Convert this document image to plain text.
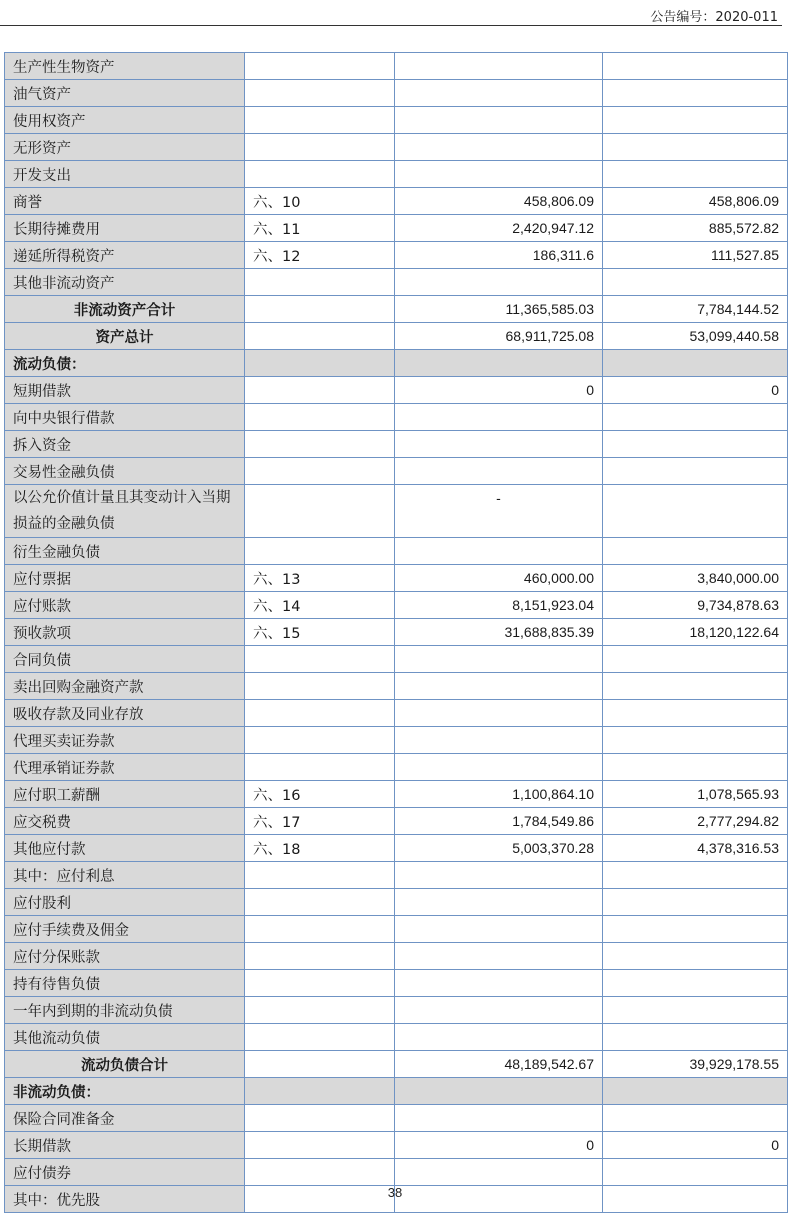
公告编号：2020-011
生产性生物资产			
油气资产			
使用权资产			
无形资产			
开发支出			
商誉	六、10	458,806.09	458,806.09
长期待摊费用	六、11	2,420,947.12	885,572.82
递延所得税资产	六、12	186,311.6	111,527.85
其他非流动资产			
非流动资产合计		11,365,585.03	7,784,144.52
资产总计		68,911,725.08	53,099,440.58
流动负债：			
短期借款		0	0
向中央银行借款			
拆入资金			
交易性金融负债			
以公允价值计量且其变动计入当期损益的金融负债		-	
衍生金融负债			
应付票据	六、13	460,000.00	3,840,000.00
应付账款	六、14	8,151,923.04	9,734,878.63
预收款项	六、15	31,688,835.39	18,120,122.64
合同负债			
卖出回购金融资产款			
吸收存款及同业存放			
代理买卖证券款			
代理承销证券款			
应付职工薪酬	六、16	1,100,864.10	1,078,565.93
应交税费	六、17	1,784,549.86	2,777,294.82
其他应付款	六、18	5,003,370.28	4,378,316.53
其中：应付利息			
应付股利			
应付手续费及佣金			
应付分保账款			
持有待售负债			
一年内到期的非流动负债			
其他流动负债			
流动负债合计		48,189,542.67	39,929,178.55
非流动负债：			
保险合同准备金			
长期借款		0	0
应付债券			
其中：优先股				38
